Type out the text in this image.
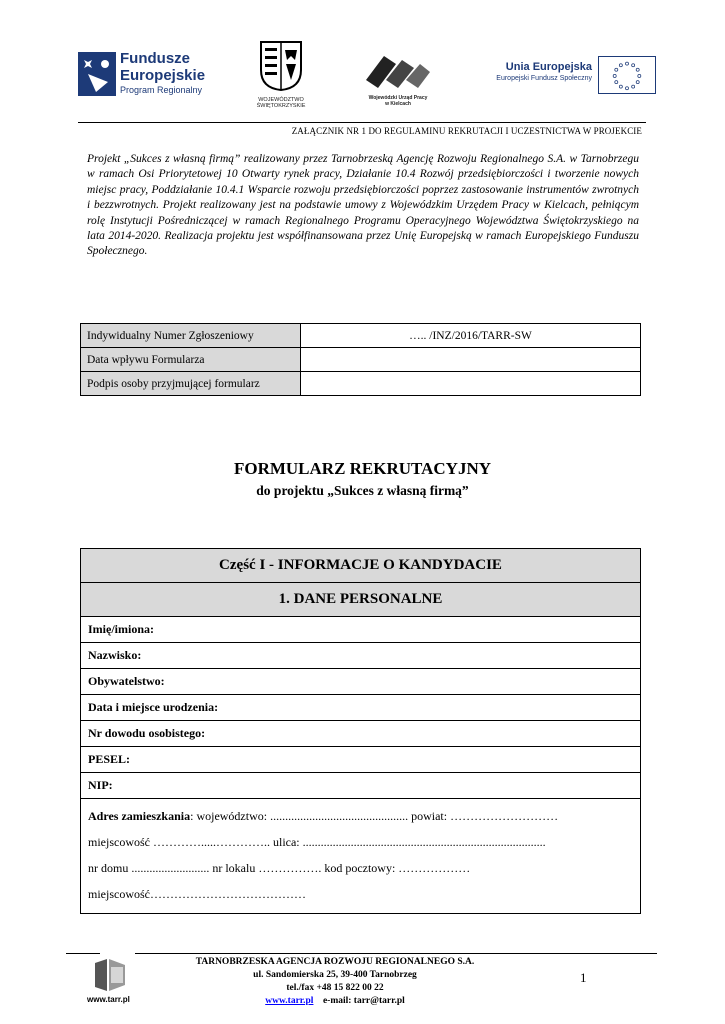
Fundusze
Europejskie
Program Regionalny
WOJEWÓDZTWO
ŚWIĘTOKRZYSKIE
Wojewódzki Urząd Pracy
w Kielcach
Unia Europejska
Europejski Fundusz Społeczny
ZAŁĄCZNIK NR 1 DO REGULAMINU REKRUTACJI I UCZESTNICTWA W PROJEKCIE
Projekt „Sukces z własną firmą” realizowany przez Tarnobrzeską Agencję Rozwoju Regionalnego S.A. w Tarnobrzegu w ramach Osi Priorytetowej 10 Otwarty rynek pracy, Działanie 10.4 Rozwój przedsiębiorczości i tworzenie nowych miejsc pracy, Poddziałanie 10.4.1 Wsparcie rozwoju przedsiębiorczości poprzez zastosowanie instrumentów zwrotnych i bezzwrotnych. Projekt realizowany jest na podstawie umowy z Wojewódzkim Urzędem Pracy w Kielcach, pełniącym rolę Instytucji Pośredniczącej w ramach Regionalnego Programu Operacyjnego Województwa Świętokrzyskiego na lata 2014-2020. Realizacja projektu jest współfinansowana przez Unię Europejską w ramach Europejskiego Funduszu Społecznego.
Indywidualny Numer Zgłoszeniowy	….. /INZ/2016/TARR-SW
Data wpływu Formularza	
Podpis osoby przyjmującej formularz	
FORMULARZ REKRUTACYJNY
do projektu „Sukces z własną firmą”
Część I - INFORMACJE O KANDYDACIE
1. DANE PERSONALNE
Imię/imiona:
Nazwisko:
Obywatelstwo:
Data i miejsce urodzenia:
Nr dowodu osobistego:
PESEL:
NIP:
Adres zamieszkania: województwo: .............................................. powiat: ………………………
miejscowość ………….....………….. ulica: .................................................................................
nr domu .......................... nr lokalu ……………. kod pocztowy: ………………
miejscowość…………………………………
www.tarr.pl
TARNOBRZESKA AGENCJA ROZWOJU REGIONALNEGO S.A.
ul. Sandomierska 25, 39-400 Tarnobrzeg
tel./fax +48 15 822 00 22
www.tarr.pl e-mail: tarr@tarr.pl
1
